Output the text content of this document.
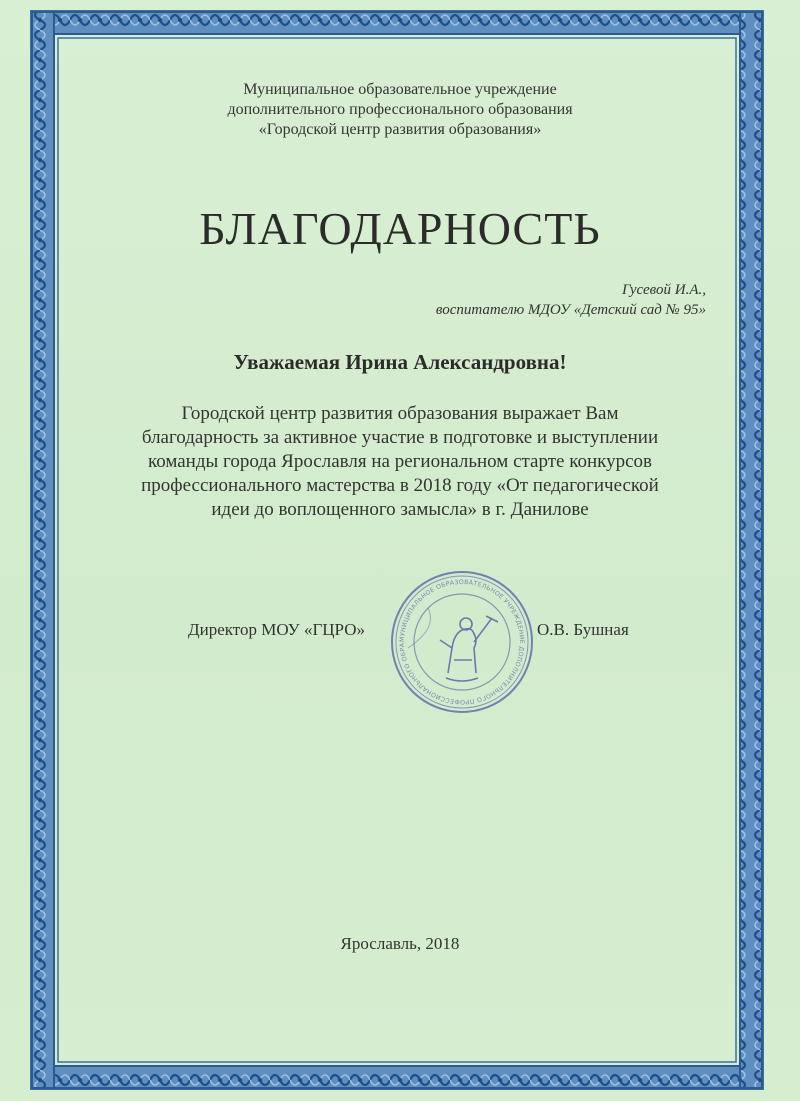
Муниципальное образовательное учреждение
дополнительного профессионального образования
«Городской центр развития образования»
БЛАГОДАРНОСТЬ
Гусевой И.А.,
воспитателю МДОУ «Детский сад № 95»
Уважаемая Ирина Александровна!
Городской центр развития образования выражает Вам
благодарность за активное участие в подготовке и выступлении
команды города Ярославля на региональном старте конкурсов
профессионального мастерства в 2018 году «От педагогической
идеи до воплощенного замысла» в г. Данилове
МУНИЦИПАЛЬНОЕ ОБРАЗОВАТЕЛЬНОЕ УЧРЕЖДЕНИЕ ДОПОЛНИТЕЛЬНОГО ПРОФЕССИОНАЛЬНОГО ОБРА
Директор МОУ «ГЦРО»	О.В. Бушная
Ярославль, 2018
